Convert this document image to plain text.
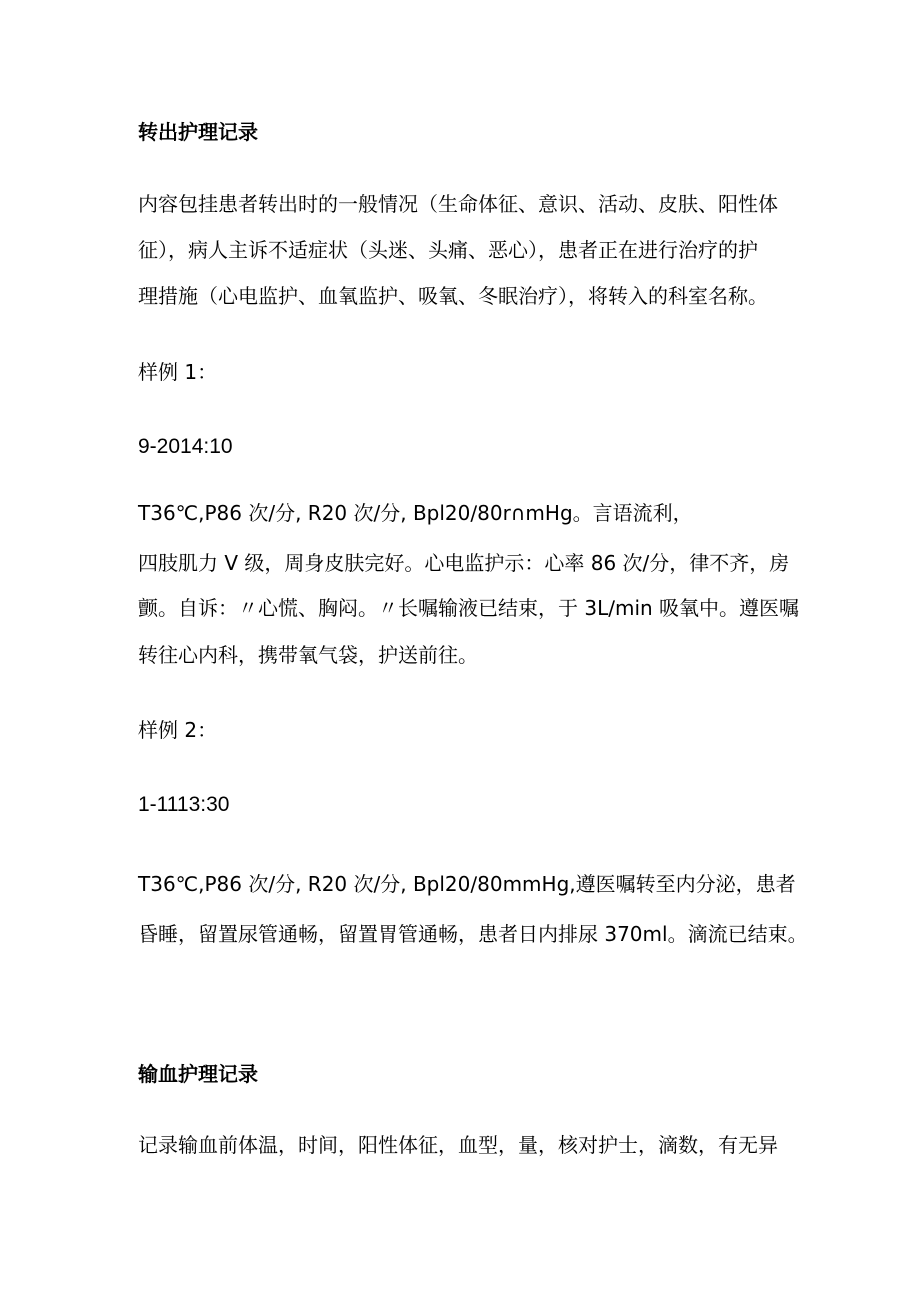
转出护理记录
内容包挂患者转出时的一般情况（生命体征、意识、活动、皮肤、阳性体
征），病人主诉不适症状（头迷、头痛、恶心），患者正在进行治疗的护
理措施（心电监护、血氧监护、吸氧、冬眠治疗），将转入的科室名称。
样例 1：
9-2014:10
T36℃,P86 次/分, R20 次/分, Bpl20∕80r∩mHg。言语流利，
四肢肌力 V 级，周身皮肤完好。心电监护示：心率 86 次/分，律不齐，房
颤。自诉：〃心慌、胸闷。〃长嘱输液已结束，于 3L∕min 吸氧中。遵医嘱
转往心内科，携带氧气袋，护送前往。
样例 2：
1-1113:30
T36℃,P86 次/分, R20 次/分, Bpl20∕80mmHg,遵医嘱转至内分泌，患者
昏睡，留置尿管通畅，留置胃管通畅，患者日内排尿 370ml。滴流已结束。
输血护理记录
记录输血前体温，时间，阳性体征，血型，量，核对护士，滴数，有无异
